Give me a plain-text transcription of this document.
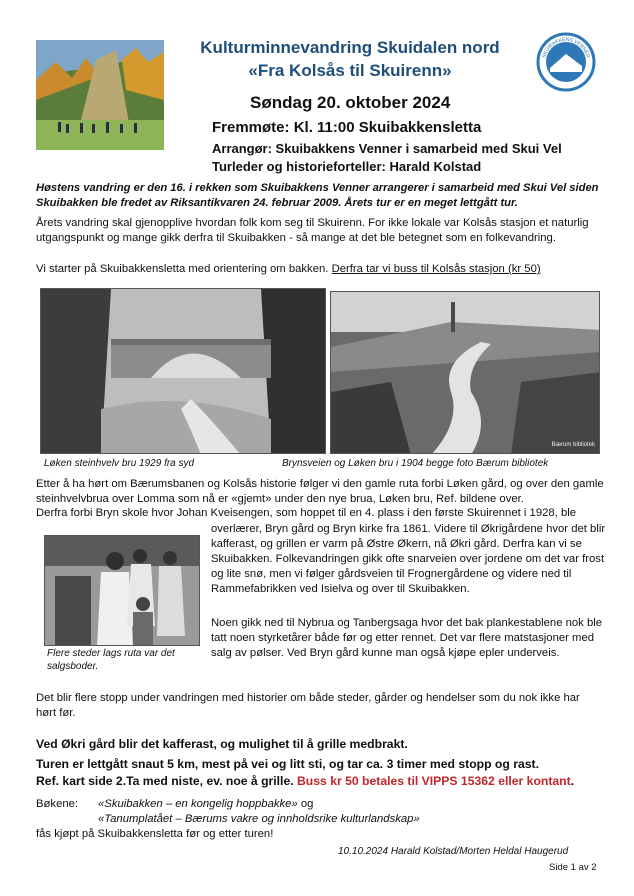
SKUIBAKKENS VENNER
Kulturminnevandring Skuidalen nord
«Fra Kolsås til Skuirenn»
Søndag 20. oktober 2024
Fremmøte: Kl. 11:00 Skuibakkensletta
Arrangør: Skuibakkens Venner i samarbeid med Skui Vel
Turleder og historieforteller: Harald Kolstad
Høstens vandring er den 16. i rekken som Skuibakkens Venner arrangerer i samarbeid med Skui Vel siden Skuibakken ble fredet av Riksantikvaren 24. februar 2009. Årets tur er en meget lettgått tur.
Årets vandring skal gjenopplive hvordan folk kom seg til Skuirenn. For ikke lokale var Kolsås stasjon et naturlig utgangspunkt og mange gikk derfra til Skuibakken - så mange at det ble betegnet som en folkevandring.
Vi starter på Skuibakkensletta med orientering om bakken. Derfra tar vi buss til Kolsås stasjon (kr 50)
Bærum bibliotek
Løken steinhvelv bru 1929 fra syd	Brynsveien og Løken bru i 1904 begge foto Bærum bibliotek
Etter å ha hørt om Bærumsbanen og Kolsås historie følger vi den gamle ruta forbi Løken gård, og over den gamle steinhvelvbrua over Lomma som nå er «gjemt» under den nye brua, Løken bru, Ref. bildene over.
Derfra forbi Bryn skole hvor Johan Kveisengen, som hoppet til en 4. plass i den første Skuirennet i 1928, ble
Flere steder lags ruta var det salgsboder.
overlærer, Bryn gård og Bryn kirke fra 1861. Videre til Økrigårdene hvor det blir kafferast, og grillen er varm på Østre Økern, nå Økri gård. Derfra kan vi se Skuibakken. Folkevandringen gikk ofte snarveien over jordene om det var frost og lite snø, men vi følger gårdsveien til Frognergårdene og videre ned til Rammefabrikken ved Isielva og over til Skuibakken.
Noen gikk ned til Nybrua og Tanbergsaga hvor det bak plankestablene nok ble tatt noen styrketårer både før og etter rennet. Det var flere matstasjoner med salg av pølser. Ved Bryn gård kunne man også kjøpe epler underveis.
Det blir flere stopp under vandringen med historier om både steder, gårder og hendelser som du nok ikke har hørt før.
Ved Økri gård blir det kafferast, og mulighet til å grille medbrakt.
Turen er lettgått snaut 5 km, mest på vei og litt sti, og tar ca. 3 timer med stopp og rast.
Ref. kart side 2.Ta med niste, ev. noe å grille. Buss kr 50 betales til VIPPS 15362 eller kontant.
Bøkene: «Skuibakken – en kongelig hoppbakke» og
«Tanumplatået – Bærums vakre og innholdsrike kulturlandskap»
fås kjøpt på Skuibakkensletta før og etter turen!
10.10.2024 Harald Kolstad/Morten Heldal Haugerud
Side 1 av 2
